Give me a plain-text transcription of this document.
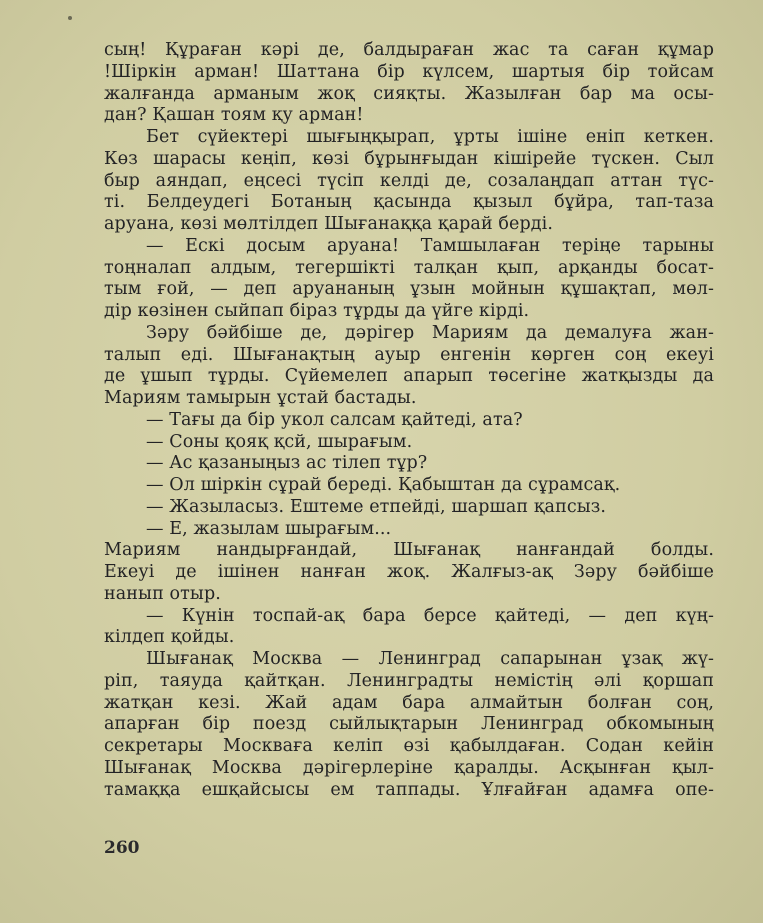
сың! Құраған кәрі де, балдыраған жас та саған құмар
!Шіркін арман! Шаттана бір күлсем, шартыя бір тойсам
жалғанда арманым жоқ сияқты. Жазылған бар ма осы-
дан? Қашан тоям қу арман!
Бет сүйектері шығыңқырап, ұрты ішіне еніп кеткен.
Көз шарасы кеңіп, көзі бұрынғыдан кішірейе түскен. Сыл
быр аяндап, еңсесі түсіп келді де, созалаңдап аттан түс-
ті. Белдеудегі Ботаның қасында қызыл бұйра, тап-таза
аруана, көзі мөлтілдеп Шығанаққа қарай берді.
— Ескі досым аруана! Тамшылаған теріңе тарыны
тоңналап алдым, тегершікті талқан қып, арқанды босат-
тым ғой, — деп аруананың ұзын мойнын құшақтап, мөл-
дір көзінен сыйпап біраз тұрды да үйге кірді.
Зәру бәйбіше де, дәрігер Мариям да демалуға жан-
талып еді. Шығанақтың ауыр енгенін көрген соң екеуі
де ұшып тұрды. Сүйемелеп апарып төсегіне жатқызды да
Мариям тамырын ұстай бастады.
— Тағы да бір укол салсам қайтеді, ата?
— Соны қояқ қсй, шырағым.
— Ас қазаныңыз ас тілеп тұр?
— Ол шіркін сұрай береді. Қабыштан да сұрамсақ.
— Жазыласыз. Ештеме етпейді, шаршап қапсыз.
— Е, жазылам шырағым...
Мариям нандырғандай, Шығанақ нанғандай болды.
Екеуі де ішінен нанған жоқ. Жалғыз-ақ Зәру бәйбіше
нанып отыр.
— Күнін тоспай-ақ бара берсе қайтеді, — деп күң-
кілдеп қойды.
Шығанақ Москва — Ленинград сапарынан ұзақ жү-
ріп, таяуда қайтқан. Ленинградты немістің әлі қоршап
жатқан кезі. Жай адам бара алмайтын болған соң,
апарған бір поезд сыйлықтарын Ленинград обкомының
секретары Москваға келіп өзі қабылдаған. Содан кейін
Шығанақ Москва дәрігерлеріне қаралды. Асқынған қыл-
тамаққа ешқайсысы ем таппады. Ұлғайған адамға опе-
260
